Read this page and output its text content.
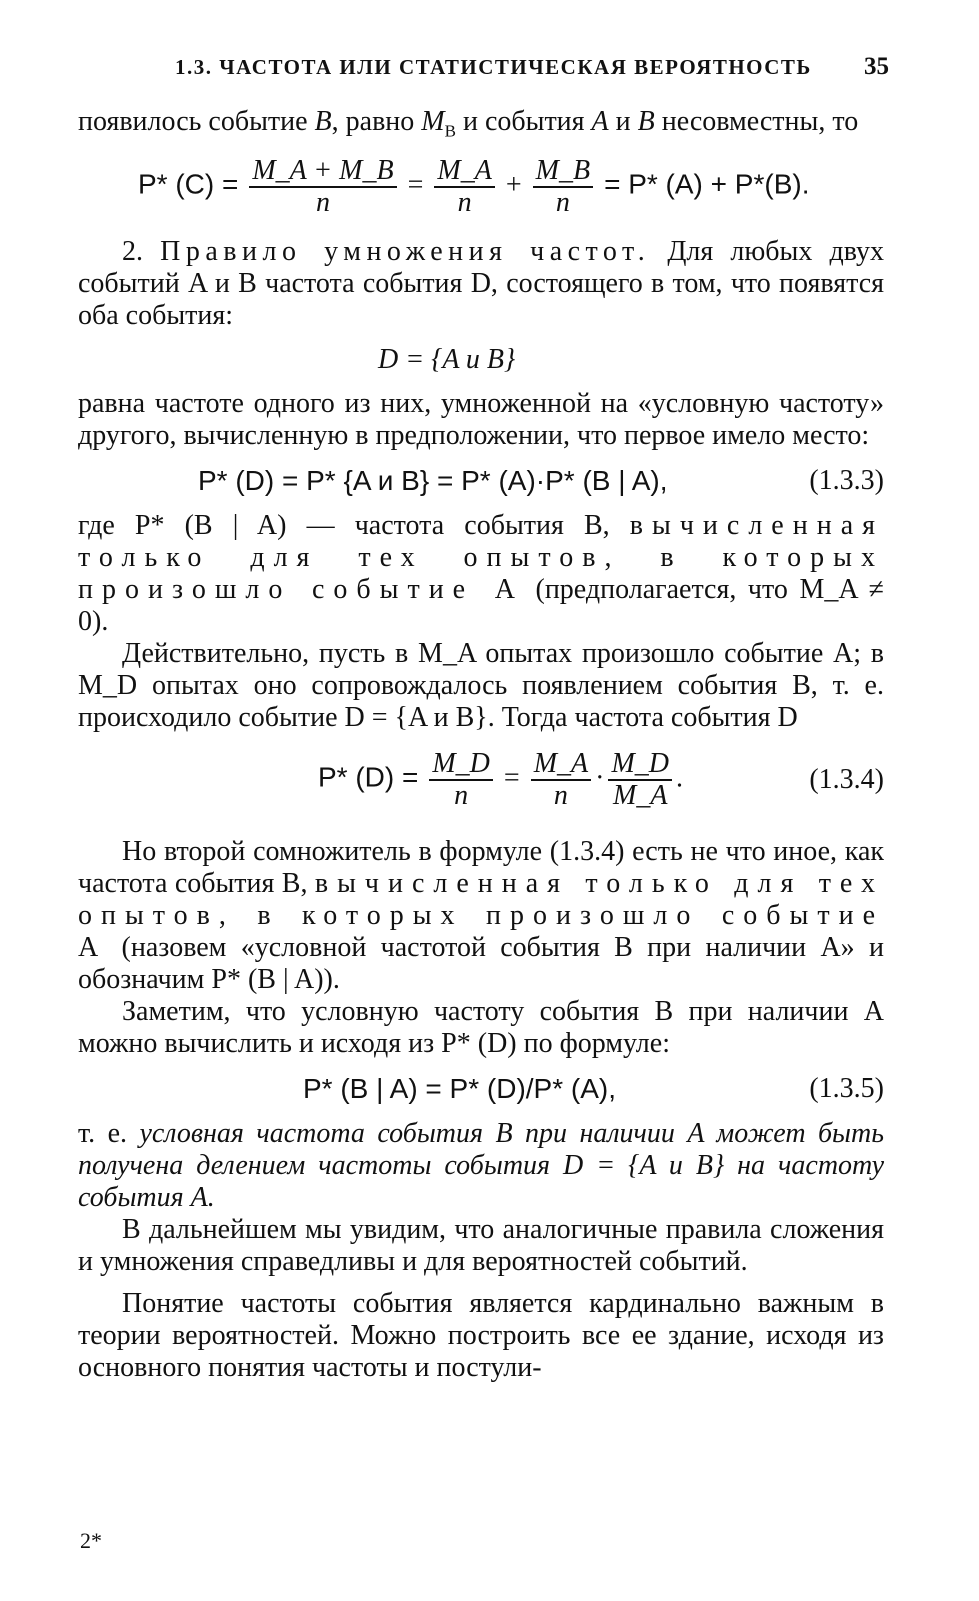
1.3. ЧАСТОТА ИЛИ СТАТИСТИЧЕСКАЯ ВЕРОЯТНОСТЬ 35

появилось событие B, равно $M_B$ и события A и B несовместны, то

P* $(C) = \frac{M\_A + M\_B}{n} = \frac{M\_A}{n} + \frac{M\_B}{n} = P*$ (A) + P*(B).

2. Правило умножения частот. Для любых двух событий A и B частота события D, состоящего в том, что появятся оба события:

D = {A и B}

равна частоте одного из них, умноженной на «условную частоту» другого, вычисленную в предположении, что первое имело место:

P* (D) = P* {A и B} = P* (A)·P* (B | A),	(1.3.3)

где P* (B | A) — частота события B, вычисленная только для тех опытов, в которых произошло событие A (предполагается, что M_A ≠ 0).

Действительно, пусть в M_A опытах произошло событие A; в M_D опытах оно сопровождалось появлением события B, т. е. происходило событие D = {A и B}. Тогда частота события D

P* $(D) = \frac{M\_D}{n} = \frac{M\_A}{n} \cdot \frac{M\_D}{M\_A}$ .	(1.3.4)

Но второй сомножитель в формуле (1.3.4) есть не что иное, как частота события B, вычисленная только для тех опытов, в которых произошло событие A (назовем «условной частотой события B при наличии A» и обозначим P* (B | A)).

Заметим, что условную частоту события B при наличии A можно вычислить и исходя из P* (D) по формуле:

P* (B | A) = P* (D)/P* (A),	(1.3.5)

т. е. условная частота события B при наличии A может быть получена делением частоты события D = {A и B} на частоту события A.

В дальнейшем мы увидим, что аналогичные правила сложения и умножения справедливы и для вероятностей событий.

Понятие частоты события является кардинально важным в теории вероятностей. Можно построить все ее здание, исходя из основного понятия частоты и постули-

2*
